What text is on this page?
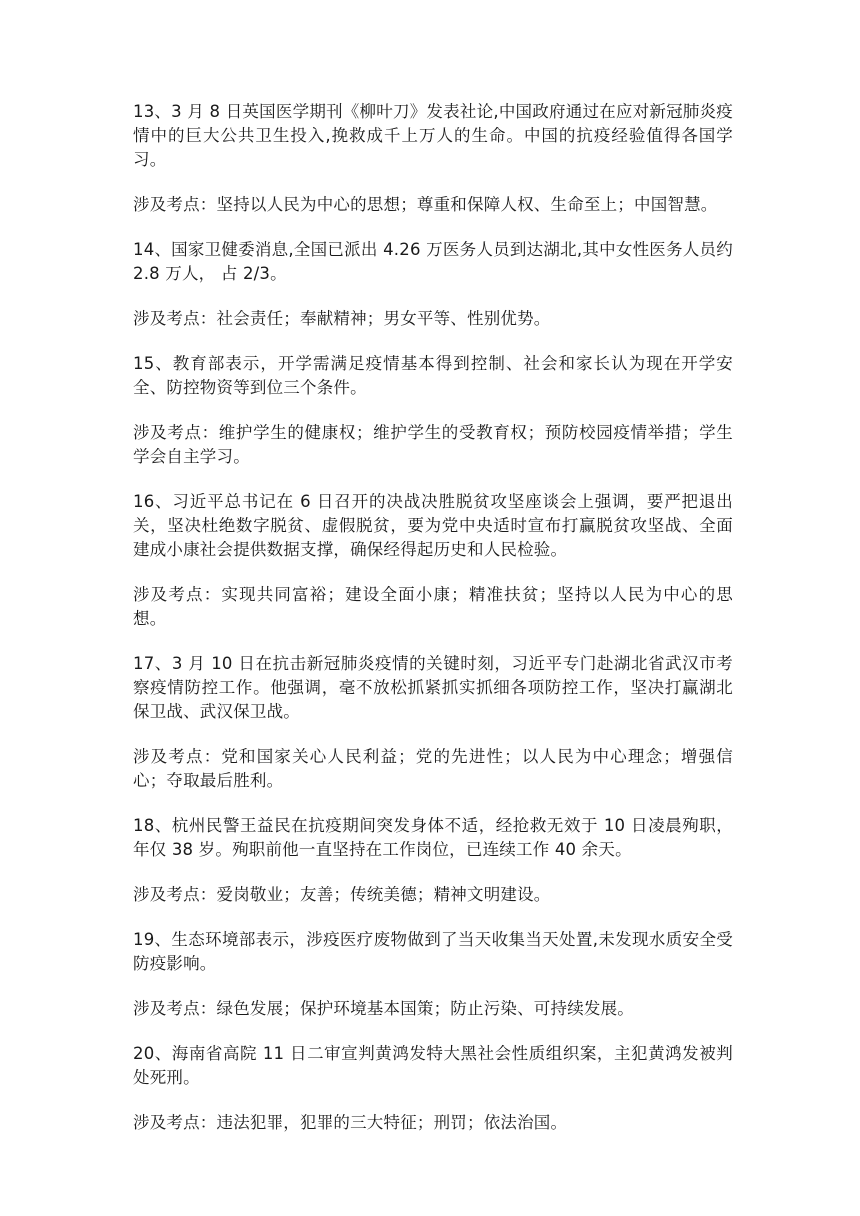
13、3 月 8 日英国医学期刊《柳叶刀》发表社论,中国政府通过在应对新冠肺炎疫情中的巨大公共卫生投入,挽救成千上万人的生命。中国的抗疫经验值得各国学习。

涉及考点：坚持以人民为中心的思想；尊重和保障人权、生命至上；中国智慧。

14、国家卫健委消息,全国已派出 4.26 万医务人员到达湖北,其中女性医务人员约 2.8 万人， 占 2/3。

涉及考点：社会责任；奉献精神；男女平等、性别优势。

15、教育部表示，开学需满足疫情基本得到控制、社会和家长认为现在开学安全、防控物资等到位三个条件。

涉及考点：维护学生的健康权；维护学生的受教育权；预防校园疫情举措；学生学会自主学习。

16、习近平总书记在 6 日召开的决战决胜脱贫攻坚座谈会上强调，要严把退出关，坚决杜绝数字脱贫、虚假脱贫，要为党中央适时宣布打赢脱贫攻坚战、全面建成小康社会提供数据支撑，确保经得起历史和人民检验。

涉及考点：实现共同富裕；建设全面小康；精准扶贫；坚持以人民为中心的思想。

17、3 月 10 日在抗击新冠肺炎疫情的关键时刻，习近平专门赴湖北省武汉市考察疫情防控工作。他强调，毫不放松抓紧抓实抓细各项防控工作，坚决打赢湖北保卫战、武汉保卫战。

涉及考点：党和国家关心人民利益；党的先进性；以人民为中心理念；增强信心；夺取最后胜利。

18、杭州民警王益民在抗疫期间突发身体不适，经抢救无效于 10 日凌晨殉职，年仅 38 岁。殉职前他一直坚持在工作岗位，已连续工作 40 余天。

涉及考点：爱岗敬业；友善；传统美德；精神文明建设。

19、生态环境部表示，涉疫医疗废物做到了当天收集当天处置,未发现水质安全受防疫影响。

涉及考点：绿色发展；保护环境基本国策；防止污染、可持续发展。

20、海南省高院 11 日二审宣判黄鸿发特大黑社会性质组织案，主犯黄鸿发被判处死刑。

涉及考点：违法犯罪，犯罪的三大特征；刑罚；依法治国。
